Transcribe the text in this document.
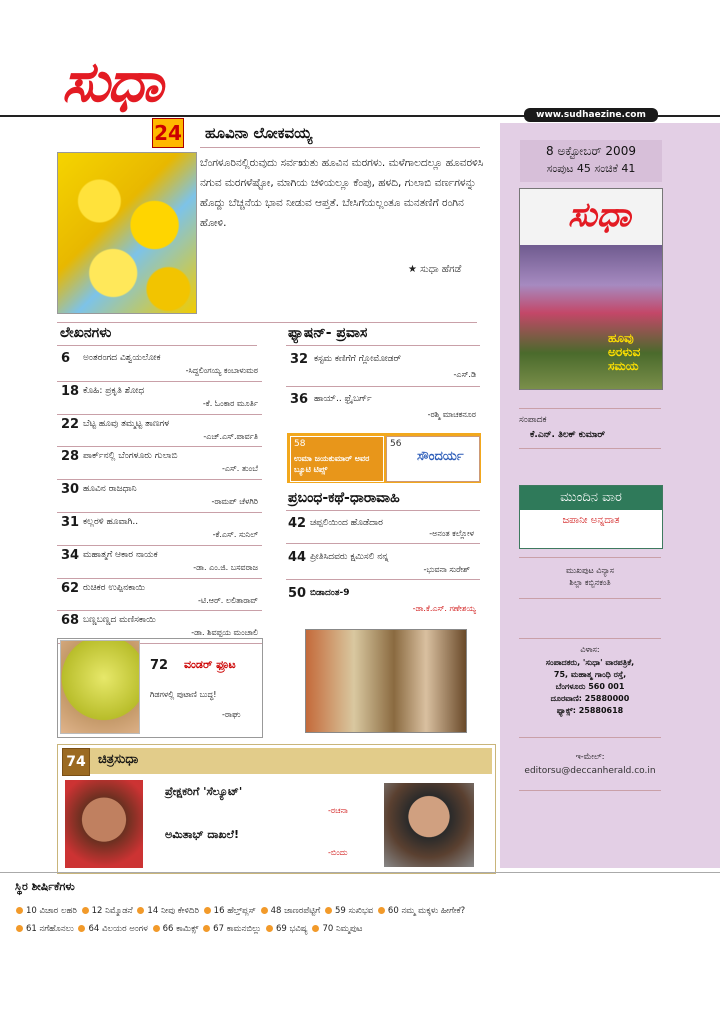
ಸುಧಾ	www.sudhaezine.com
8 ಅಕ್ಟೋಬರ್ 2009
ಸಂಪುಟ 45 ಸಂಚಿಕೆ 41
ಸುಧಾ
ಹೂವು ಅರಳುವ ಸಮಯ
ಸಂಪಾದಕ
ಕೆ.ಎನ್. ತಿಲಕ್ ಕುಮಾರ್
ಮುಂದಿನ ವಾರ
ಜಪಾನೀ ಅನ್ನದಾತ
ಮುಖಪುಟ ವಿನ್ಯಾಸ
ಶಿಲ್ಪಾ ಕಬ್ಬಿನಕಂತಿ
ವಿಳಾಸ:
ಸಂಪಾದಕರು, 'ಸುಧಾ' ವಾರಪತ್ರಿಕೆ,
75, ಮಹಾತ್ಮ ಗಾಂಧಿ ರಸ್ತೆ,
ಬೆಂಗಳೂರು 560 001
ದೂರವಾಣಿ: 25880000
ಫ್ಯಾಕ್ಸ್: 25880618
ಇ-ಮೇಲ್:
editorsu@deccanherald.co.in
24 ಹೂವಿನಾ ಲೋಕವಯ್ಯ
ಬೆಂಗಳೂರಿನಲ್ಲಿರುವುದು ಸರ್ವಋತು ಹೂವಿನ ಮರಗಳು. ಮಳೆಗಾಲದಲ್ಲೂ ಹೂವರಳಿಸಿ ನಗುವ ಮರಗಳೆಷ್ಟೋ, ಮಾಗಿಯ ಚಳಿಯಲ್ಲೂ ಕೆಂಪು, ಹಳದಿ, ಗುಲಾಬಿ ವರ್ಣಗಳನ್ನು ಹೊದ್ದು ಬೆಚ್ಚನೆಯ ಭಾವ ನೀಡುವ ಆಪ್ತತೆ. ಬೇಸಿಗೆಯಲ್ಲಂತೂ ಮನತಣಿಗೆ ರಂಗಿನ ಹೋಳಿ.
★ ಸುಧಾ ಹೆಗಡೆ
ಲೇಖನಗಳು
6 ಅಂತರಂಗದ ವಿಶ್ವಯಲೋಕ
-ಸಿದ್ದಲಿಂಗಯ್ಯ ಕಂಬಾಳುಮಠ
18 ಕೊಹಿ: ಪ್ರಕೃತಿ ಶೋಧ
-ಕೆ. ಓಂಕಾರ ಮೂರ್ತಿ
22 ಬೆಟ್ಟ ಹೂವು ತಮ್ಮಟ್ಟ ತಾಣಗಳ
-ಎಚ್.ಎಸ್.ಪಾರ್ವತಿ
28 ಪಾರ್ಕ್‌ನಲ್ಲಿ ಬೆಂಗಳೂರು ಗುಲಾಬಿ
-ಎಸ್. ತುಂಬೆ
30 ಹೂವಿನ ರಾಜಧಾನಿ
-ರಾಮಪ್ ಚೆಳಗಿರಿ
31 ಕಲ್ಲರಳಿ ಹೂವಾಗಿ..
-ಕೆ.ಎಸ್. ಸುನಿಲ್
34 ಮಹಾತ್ಮಗೆ ಆಕಾರ ನಾಯಕ
-ಡಾ. ಎಂ.ಜಿ. ಬಸವರಾಜ
62 ರುಚಿಕರ ಉಪ್ಪಿನಕಾಯಿ
-ಟಿ.ಆರ್. ಲಲಿತಾರಾವ್
68 ಬಣ್ಣಬಣ್ಣದ ಮಣಿಸಕಾಯಿ
-ಡಾ. ಶಿವಪ್ಪಯ ಮಂಚಾಲಿ
ಫ್ಯಾಷನ್- ಪ್ರವಾಸ
32 ಕಸ್ಟಮ ಕಣಿಗೆಗೆ ಗ್ಲೋಮೋಡರ್
-ಎಸ್.ಡಿ
36 ಹಾಯ್.. ಫ್ರೈಬರ್ಗ್
-ರಶ್ಮಿ ಮಾಚಕನೂರ
58
ಉಮಾ ಜಯಕುಮಾರ್ ಅವರ ಬ್ಯೂಟಿ ಟಿಪ್ಸ್
56
ಸೌಂದರ್ಯ
ಪ್ರಬಂಧ-ಕಥೆ-ಧಾರಾವಾಹಿ
42 ಚಪ್ಪಲಿಯಿಂದ ಹೊಡೆದಾರ
-ಅನಂತ ಕಲ್ಲೋಳ
44 ಪ್ರೀತಿಸಿದವರು ಕ್ಷಮಿಸಲಿ ನನ್ನ
-ಭುವನಾ ಸುರೇಶ್
50 ಬಿಡಾದಂತ-9
-ಡಾ.ಕೆ.ಎಸ್. ಗಣೇಶಯ್ಯ
72 ವಂಡರ್ ಫ್ರೂಟ
ಗಿಡಗಳಲ್ಲಿ ಪುಟಾಣಿ ಬುದ್ಧ!
-ರಾಘು
74 ಚಿತ್ರಸುಧಾ
ಪ್ರೇಕ್ಷಕರಿಗೆ 'ಸೆಲ್ಯೂಟ್'
-ರಚನಾ
ಅಮಿತಾಭ್ ದಾಖಲೆ!
-ಬಿಂದು
ಸ್ಥಿರ ಶೀರ್ಷಿಕೆಗಳು
10 ವಿಚಾರ ಲಹರಿ 12 ನಿಮ್ಮೊಡನೆ 14 ನೀವು ಕೇಳಿದಿರಿ 16 ಹೆಲ್ತ್‌ಪ್ಲಸ್ 48 ಜಾಣರಪೆಟ್ಟಿಗೆ 59 ಸುಖಿಭವ 60 ನಮ್ಮ ಮಕ್ಕಳು ಹೀಗೇಕೆ?
61 ನಗೆಹೊನಲು 64 ವಿಲಯರ ಅಂಗಳ 66 ಕಾಮಿಕ್ಸ್ 67 ಕಾಮನಬಿಲ್ಲು 69 ಭವಿಷ್ಯ 70 ನಿಮ್ಮಪುಟ
